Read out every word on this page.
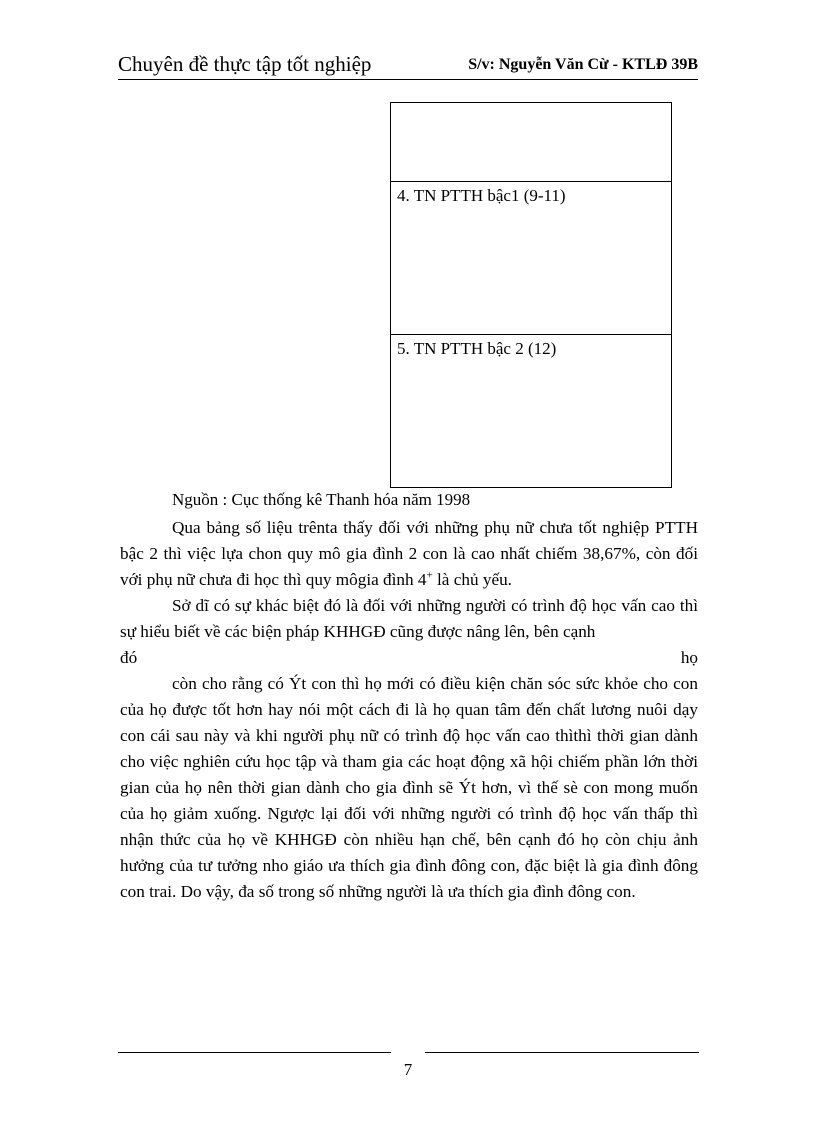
Chuyên đề thực tập tốt nghiệp	S/v: Nguyễn Văn Cừ - KTLĐ 39B
4. TN PTTH bậc1 (9-11)
5. TN PTTH bậc 2 (12)
Nguồn : Cục thống kê Thanh hóa năm 1998

Qua bảng số liệu trênta thấy đối với những phụ nữ chưa tốt nghiệp PTTH bậc 2 thì việc lựa chon quy mô gia đình 2 con là cao nhất chiếm 38,67%, còn đối với phụ nữ chưa đi học thì quy môgia đình 4+ là chủ yếu.

Sở dĩ có sự khác biệt đó là đối với những người có trình độ học vấn cao thì sự hiểu biết về các biện pháp KHHGĐ cũng được nâng lên, bên cạnh

đó	họ

còn cho rằng có Ýt con thì họ mới có điều kiện chăn sóc sức khỏe cho con của họ được tốt hơn hay nói một cách đi là họ quan tâm đến chất lương nuôi dạy con cái sau này và khi người phụ nữ có trình độ học vấn cao thìthì thời gian dành cho việc nghiên cứu học tập và tham gia các hoạt động xã hội chiếm phần lớn thời gian của họ nên thời gian dành cho gia đình sẽ Ýt hơn, vì thế sè con mong muốn của họ giảm xuống. Ngược lại đối với những người có trình độ học vấn thấp thì nhận thức của họ về KHHGĐ còn nhiều hạn chế, bên cạnh đó họ còn chịu ảnh hưởng của tư tưởng nho giáo ưa thích gia đình đông con, đặc biệt là gia đình đông con trai. Do vậy, đa số trong số những người là ưa thích gia đình đông con.

7
